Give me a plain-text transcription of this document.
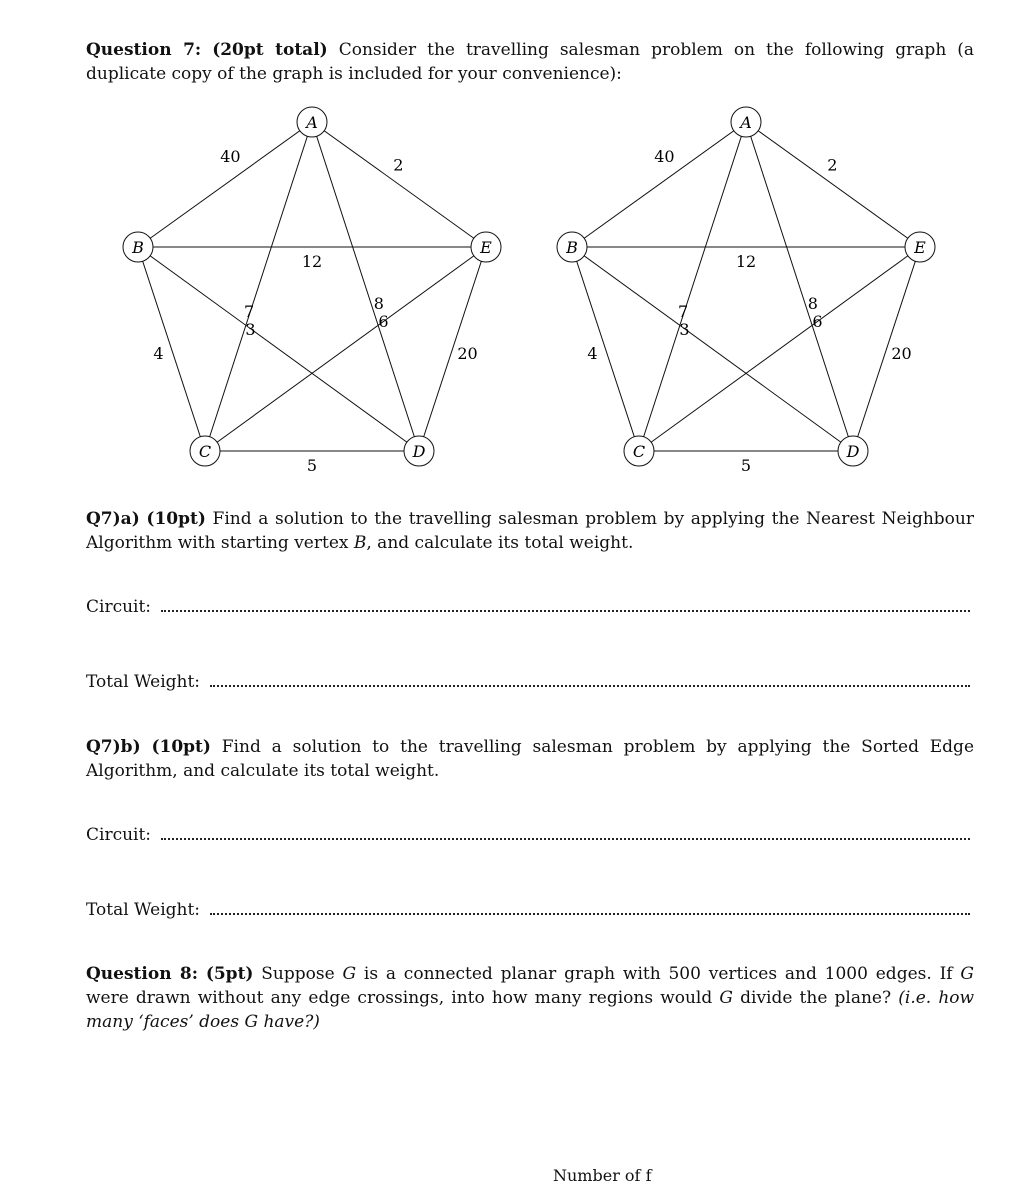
Question 7: (20pt total) Consider the travelling salesman problem on the following graph (a duplicate copy of the graph is included for your convenience):
40	2
12
7	8
3	6
4	20
5
A
B
C	D
E
40	2
12
7	8
3	6
4	20
5
A
B
C	D
E
Q7)a) (10pt) Find a solution to the travelling salesman problem by applying the Nearest Neighbour Algorithm with starting vertex B, and calculate its total weight.
Circuit:
Total Weight:
Q7)b) (10pt) Find a solution to the travelling salesman problem by applying the Sorted Edge Algorithm, and calculate its total weight.
Circuit:
Total Weight:
Question 8: (5pt) Suppose G is a connected planar graph with 500 vertices and 1000 edges. If G were drawn without any edge crossings, into how many regions would G divide the plane? (i.e. how many ‘faces’ does G have?)
Number of f
